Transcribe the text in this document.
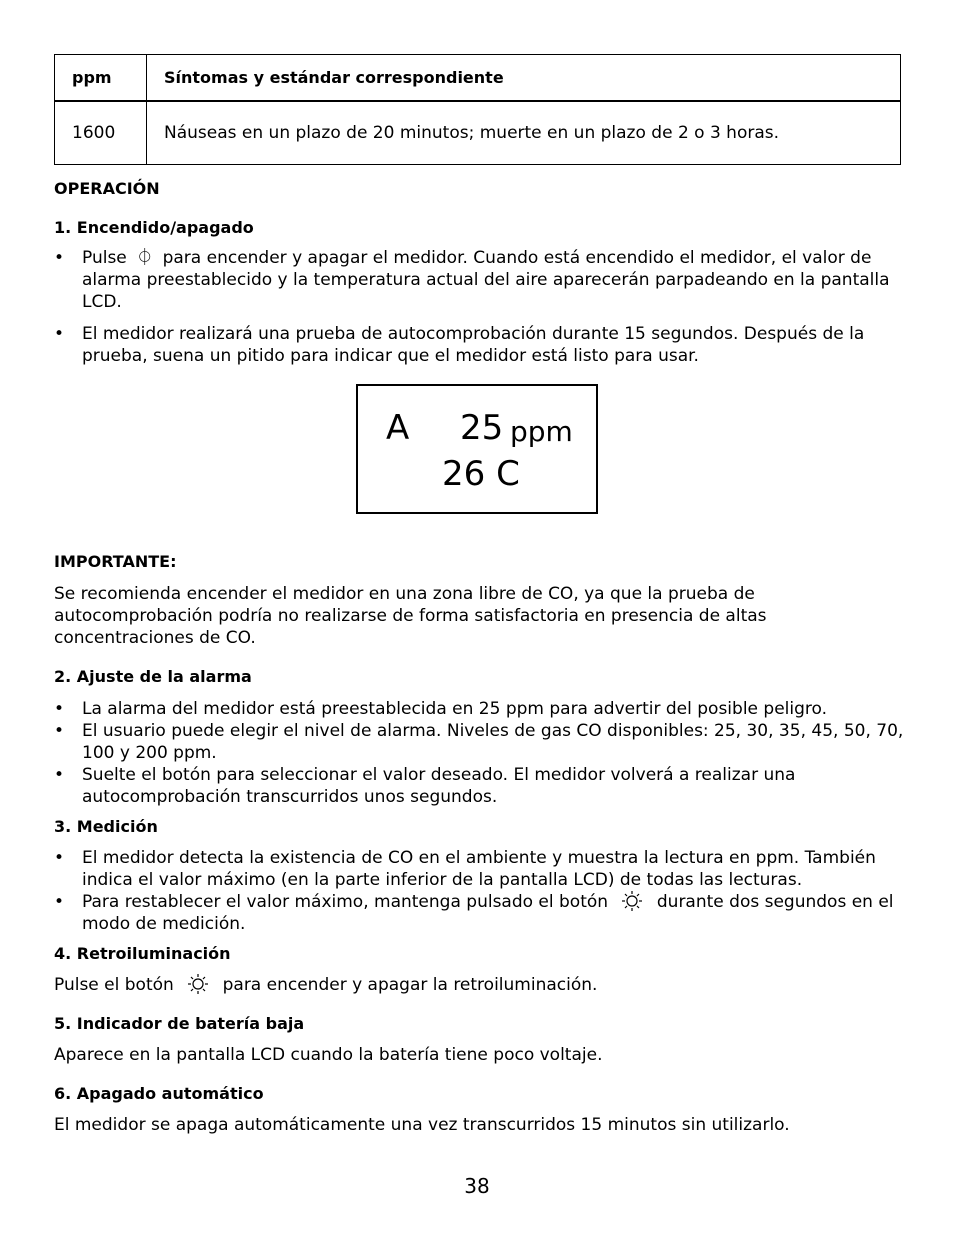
ppm	Síntomas y estándar correspondiente
1600	Náuseas en un plazo de 20 minutos; muerte en un plazo de 2 o 3 horas.
OPERACIÓN
1. Encendido/apagado
• Pulse ⏀ para encender y apagar el medidor. Cuando está encendido el medidor, el valor de alarma preestablecido y la temperatura actual del aire aparecerán parpadeando en la pantalla LCD.
• El medidor realizará una prueba de autocomprobación durante 15 segundos. Después de la prueba, suena un pitido para indicar que el medidor está listo para usar.
A 25 ppm
26 C
IMPORTANTE:
Se recomienda encender el medidor en una zona libre de CO, ya que la prueba de autocomprobación podría no realizarse de forma satisfactoria en presencia de altas concentraciones de CO.
2. Ajuste de la alarma
• La alarma del medidor está preestablecida en 25 ppm para advertir del posible peligro.
• El usuario puede elegir el nivel de alarma. Niveles de gas CO disponibles: 25, 30, 35, 45, 50, 70, 100 y 200 ppm.
• Suelte el botón para seleccionar el valor deseado. El medidor volverá a realizar una autocomprobación transcurridos unos segundos.
3. Medición
• El medidor detecta la existencia de CO en el ambiente y muestra la lectura en ppm. También indica el valor máximo (en la parte inferior de la pantalla LCD) de todas las lecturas.
• Para restablecer el valor máximo, mantenga pulsado el botón	durante dos segundos en el modo de medición.
4. Retroiluminación
Pulse el botón	para encender y apagar la retroiluminación.
5. Indicador de batería baja
Aparece en la pantalla LCD cuando la batería tiene poco voltaje.
6. Apagado automático
El medidor se apaga automáticamente una vez transcurridos 15 minutos sin utilizarlo.
38
